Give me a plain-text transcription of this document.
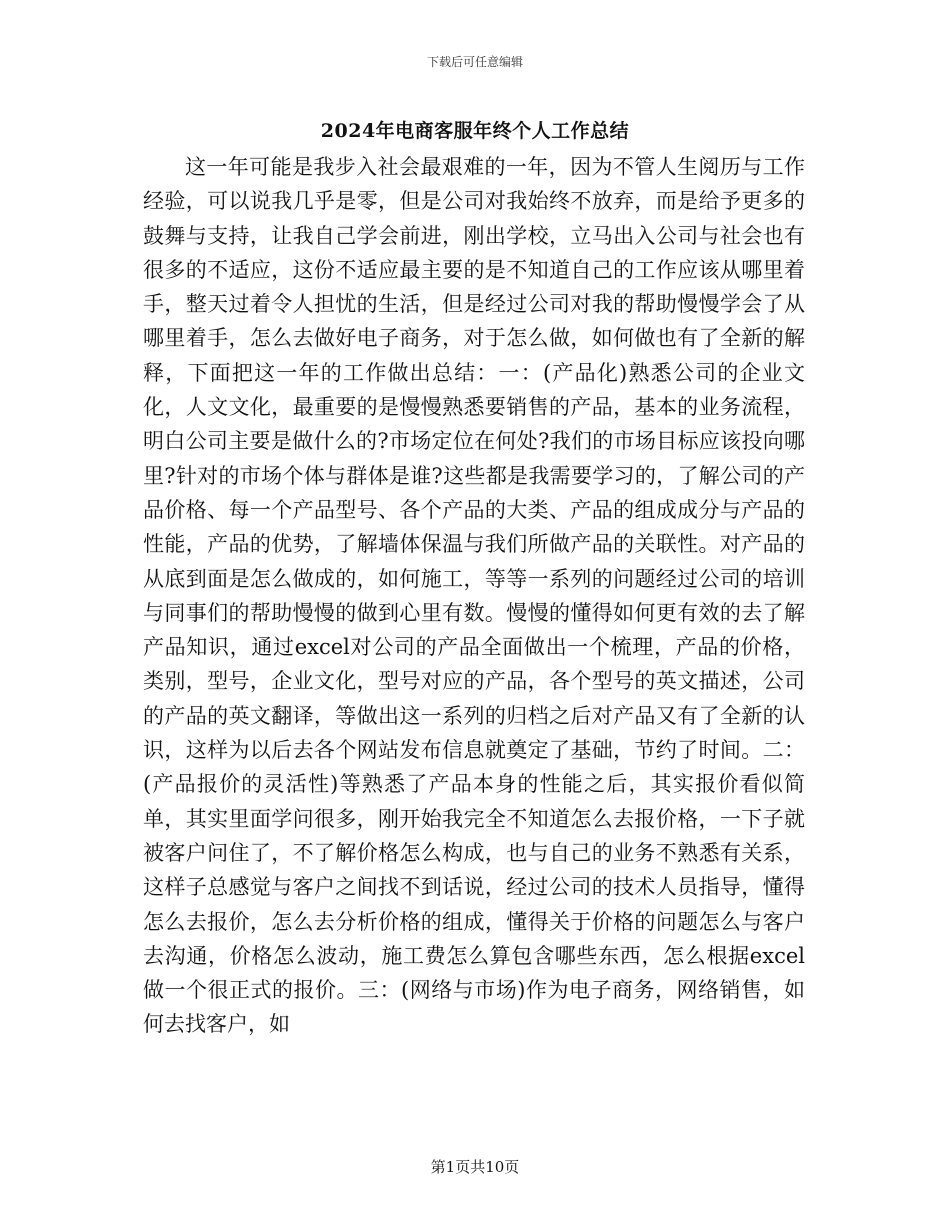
下载后可任意编辑
2024年电商客服年终个人工作总结

这一年可能是我步入社会最艰难的一年，因为不管人生阅历与工作经验，可以说我几乎是零，但是公司对我始终不放弃，而是给予更多的鼓舞与支持，让我自己学会前进，刚出学校，立马出入公司与社会也有很多的不适应，这份不适应最主要的是不知道自己的工作应该从哪里着手，整天过着令人担忧的生活，但是经过公司对我的帮助慢慢学会了从哪里着手，怎么去做好电子商务，对于怎么做，如何做也有了全新的解释，下面把这一年的工作做出总结：一：(产品化)熟悉公司的企业文化，人文文化，最重要的是慢慢熟悉要销售的产品，基本的业务流程，明白公司主要是做什么的?市场定位在何处?我们的市场目标应该投向哪里?针对的市场个体与群体是谁?这些都是我需要学习的，了解公司的产品价格、每一个产品型号、各个产品的大类、产品的组成成分与产品的性能，产品的优势，了解墙体保温与我们所做产品的关联性。对产品的从底到面是怎么做成的，如何施工，等等一系列的问题经过公司的培训与同事们的帮助慢慢的做到心里有数。慢慢的懂得如何更有效的去了解产品知识，通过excel对公司的产品全面做出一个梳理，产品的价格，类别，型号，企业文化，型号对应的产品，各个型号的英文描述，公司的产品的英文翻译，等做出这一系列的归档之后对产品又有了全新的认识，这样为以后去各个网站发布信息就奠定了基础，节约了时间。二：(产品报价的灵活性)等熟悉了产品本身的性能之后，其实报价看似简单，其实里面学问很多，刚开始我完全不知道怎么去报价格，一下子就被客户问住了，不了解价格怎么构成，也与自己的业务不熟悉有关系，这样子总感觉与客户之间找不到话说，经过公司的技术人员指导，懂得怎么去报价，怎么去分析价格的组成，懂得关于价格的问题怎么与客户去沟通，价格怎么波动，施工费怎么算包含哪些东西，怎么根据excel做一个很正式的报价。三：(网络与市场)作为电子商务，网络销售，如何去找客户，如

第1页共10页
